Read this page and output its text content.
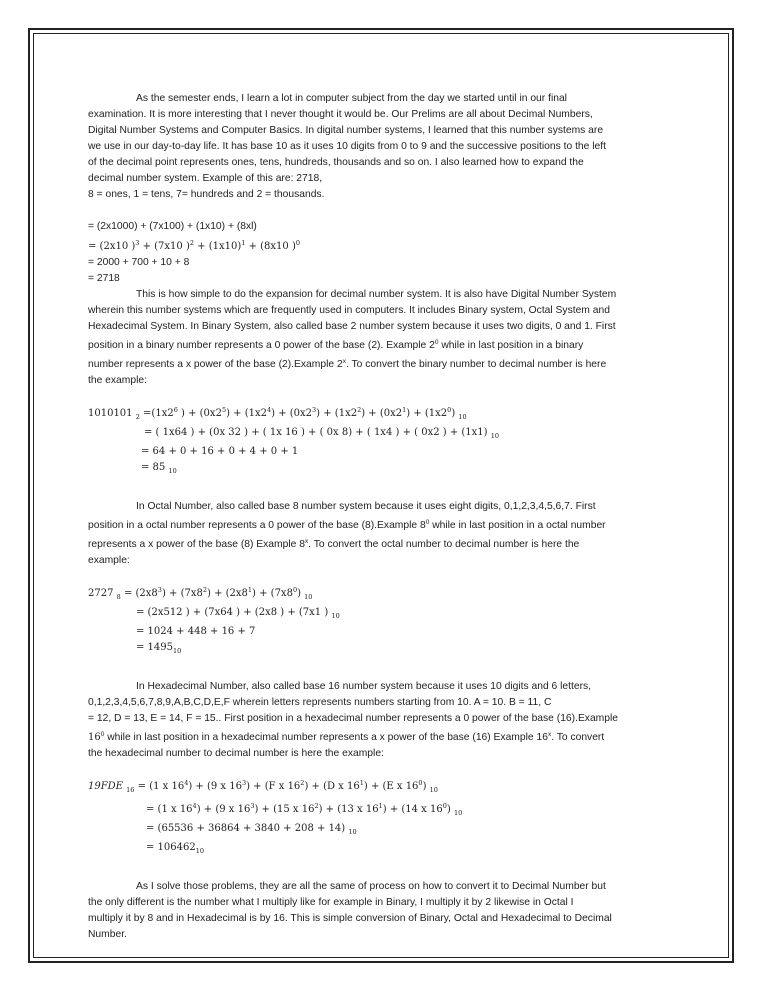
As the semester ends, I learn a lot in computer subject from the day we started until in our final
examination. It is more interesting that I never thought it would be. Our Prelims are all about Decimal Numbers,
Digital Number Systems and Computer Basics. In digital number systems, I learned that this number systems are
we use in our day-to-day life. It has base 10 as it uses 10 digits from 0 to 9 and the successive positions to the left
of the decimal point represents ones, tens, hundreds, thousands and so on. I also learned how to expand the
decimal number system. Example of this are: 2718,
8 = ones, 1 = tens, 7= hundreds and 2 = thousands.
= (2x1000) + (7x100) + (1x10) + (8xl)
= (2x10 )$^3$ + (7x10 )$^2 + (1x10)^1 + (8x10$ )$^0$
= 2000 + 700 + 10 + 8
= 2718
This is how simple to do the expansion for decimal number system. It is also have Digital Number System
wherein this number systems which are frequently used in computers. It includes Binary system, Octal System and
Hexadecimal System. In Binary System, also called base 2 number system because it uses two digits, 0 and 1. First
position in a binary number represents a 0 power of the base (2). Example $2^0$ while in last position in a binary
number represents a x power of the base (2).Example 2$^x$. To convert the binary number to decimal number is here
the example:
1010101 $_2 =(1x2^6$ ) + $(0x2^5) + (1x2^4) + (0x2^3) + (1x2^2) + (0x2^1) + (1x2^0)$ $_{10}$
= ( 1x64 ) + (0x 32 ) + ( 1x 16 ) + ( 0x 8) + ( 1x4 ) + ( 0x2 ) + (1x1) $_{10}$
= 64 + 0 + 16 + 0 + 4 + 0 + 1
= 85 $_{10}$
In Octal Number, also called base 8 number system because it uses eight digits, 0,1,2,3,4,5,6,7. First
position in a octal number represents a 0 power of the base (8).Example $8^0$ while in last position in a octal number
represents a x power of the base (8) Example 8$^x$. To convert the octal number to decimal number is here the
example:
2727 $_8 = (2x8^3) + (7x8^2) + (2x8^1) + (7x8^0)$ $_{10}$
= (2x512 ) + (7x64 ) + (2x8 ) + (7x1 ) $_{10}$
= 1024 + 448 + 16 + 7
= $1495_{10}$
In Hexadecimal Number, also called base 16 number system because it uses 10 digits and 6 letters,
0,1,2,3,4,5,6,7,8,9,A,B,C,D,E,F wherein letters represents numbers starting from 10. A = 10. B = 11, C
= 12, D = 13, E = 14, F = 15.. First position in a hexadecimal number represents a 0 power of the base (16).Example
$16^0$ while in last position in a hexadecimal number represents a x power of the base (16) Example 16$^x$. To convert
the hexadecimal number to decimal number is here the example:
19FDE $_{16}$ = (1 x $16^4) + (9$ x $16^3) + (F$ x $16^2) + (D$ x $16^1) + (E$ x $16^0$) $_{10}$
= (1 x $16^4) + (9$ x $16^3) + (15$ x $16^2) + (13$ x $16^1) + (14$ x $16^0$) $_{10}$
= (65536 + 36864 + 3840 + 208 + 14) $_{10}$
= $106462_{10}$
As I solve those problems, they are all the same of process on how to convert it to Decimal Number but
the only different is the number what I multiply like for example in Binary, I multiply it by 2 likewise in Octal I
multiply it by 8 and in Hexadecimal is by 16. This is simple conversion of Binary, Octal and Hexadecimal to Decimal
Number.
